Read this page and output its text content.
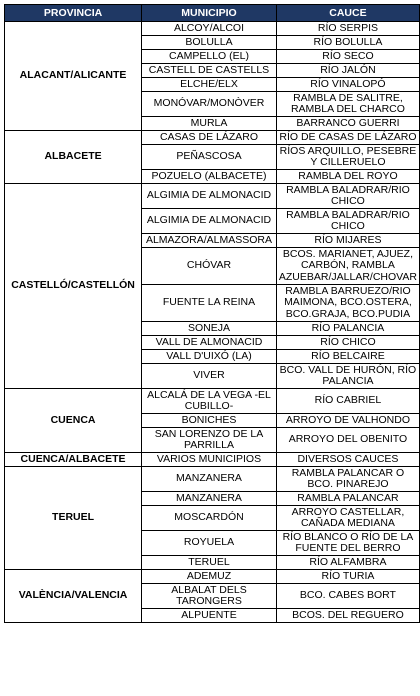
PROVINCIA	MUNICIPIO	CAUCE
ALACANT/ALICANTE	ALCOY/ALCOI	RÍO SERPIS
	BOLULLA	RÍO BOLULLA
	CAMPELLO (EL)	RÍO SECO
	CASTELL DE CASTELLS	RÍO JALÓN
	ELCHE/ELX	RÍO VINALOPÓ
	MONÓVAR/MONÒVER	RAMBLA DE SALITRE, RAMBLA DEL CHARCO
	MURLA	BARRANCO GUERRI
ALBACETE	CASAS DE LÁZARO	RÍO DE CASAS DE LÁZARO
	PEÑASCOSA	RÍOS ARQUILLO, PESEBRE Y CILLERUELO
	POZUELO (ALBACETE)	RAMBLA DEL ROYO
CASTELLÓ/CASTELLÓN	ALGIMIA DE ALMONACID	RAMBLA BALADRAR/RIO CHICO
	ALGIMIA DE ALMONACID	RAMBLA BALADRAR/RIO CHICO
	ALMAZORA/ALMASSORA	RÍO MIJARES
	CHÓVAR	BCOS. MARIANET, AJUEZ, CARBÓN, RAMBLA AZUEBAR/JALLAR/CHOVAR
	FUENTE LA REINA	RAMBLA BARRUEZO/RIO MAIMONA, BCO.OSTERA, BCO.GRAJA, BCO.PUDIA
	SONEJA	RÍO PALANCIA
	VALL DE ALMONACID	RÍO CHICO
	VALL D'UIXÓ (LA)	RÍO BELCAIRE
	VIVER	BCO. VALL DE HURÓN, RÍO PALANCIA
CUENCA	ALCALÁ DE LA VEGA -EL CUBILLO-	RÍO CABRIEL
	BONICHES	ARROYO DE VALHONDO
	SAN LORENZO DE LA PARRILLA	ARROYO DEL OBENITO
CUENCA/ALBACETE	VARIOS MUNICIPIOS	DIVERSOS CAUCES
TERUEL	MANZANERA	RAMBLA PALANCAR O BCO. PINAREJO
	MANZANERA	RAMBLA PALANCAR
	MOSCARDÓN	ARROYO CASTELLAR, CAÑADA MEDIANA
	ROYUELA	RÍO BLANCO O RÍO DE LA FUENTE DEL BERRO
	TERUEL	RÍO ALFAMBRA
VALÈNCIA/VALENCIA	ADEMUZ	RÍO TURIA
	ALBALAT DELS TARONGERS	BCO. CABES BORT
	ALPUENTE	BCOS. DEL REGUERO
